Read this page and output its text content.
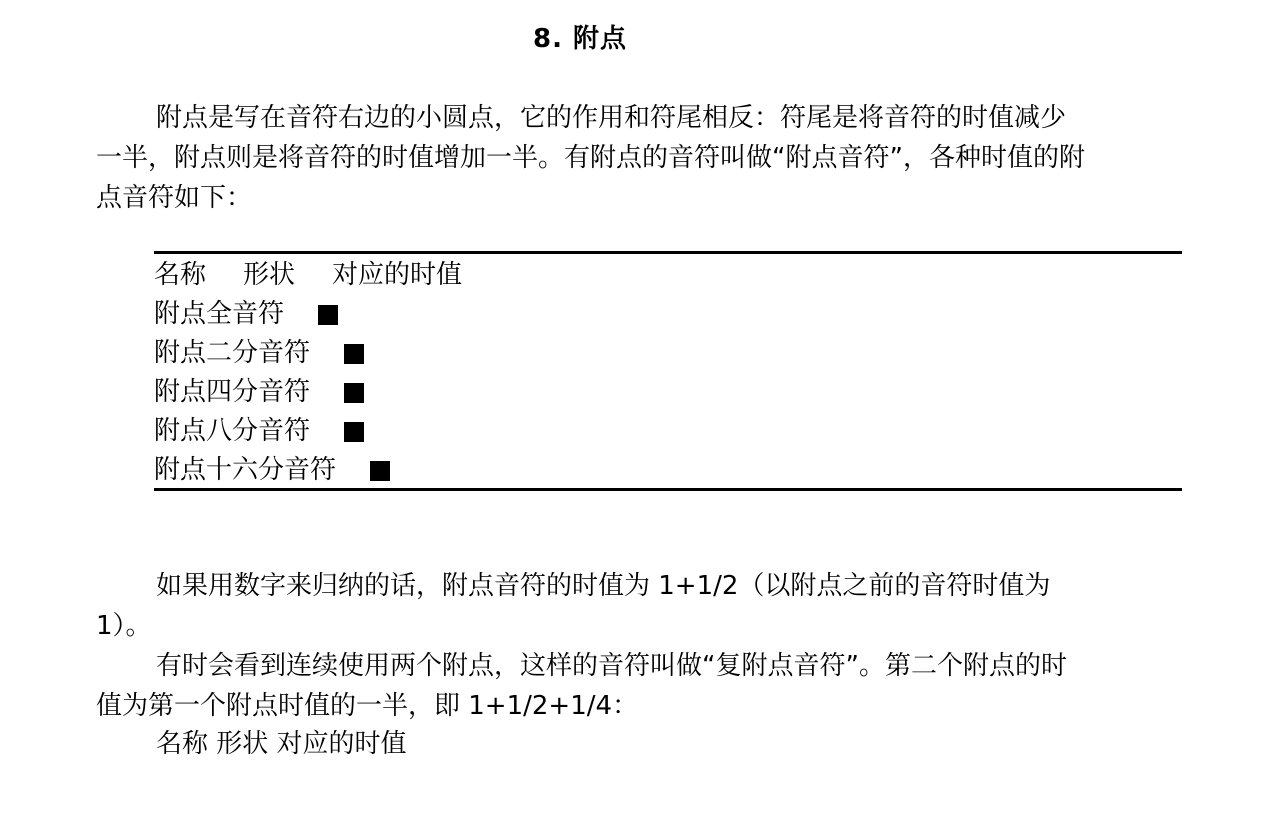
8. 附点

附点是写在音符右边的小圆点，它的作用和符尾相反：符尾是将音符的时值减少一半，附点则是将音符的时值增加一半。有附点的音符叫做“附点音符”，各种时值的附点音符如下：

名称	形状	对应的时值
附点全音符
附点二分音符
附点四分音符
附点八分音符
附点十六分音符

如果用数字来归纳的话，附点音符的时值为 1+1/2（以附点之前的音符时值为 1）。

有时会看到连续使用两个附点，这样的音符叫做“复附点音符”。第二个附点的时值为第一个附点时值的一半，即 1+1/2+1/4：

名称 形状 对应的时值
